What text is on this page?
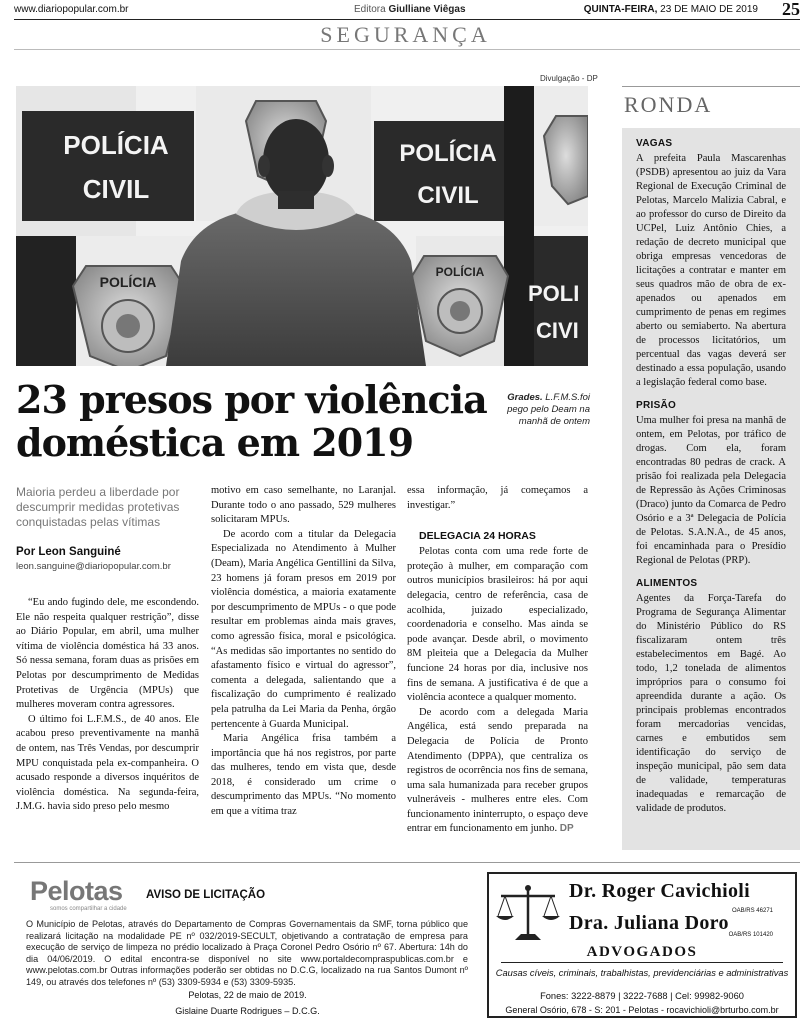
www.diariopopular.com.br	Editora Giulliane Viêgas	QUINTA-FEIRA, 23 DE MAIO DE 2019 25
SEGURANÇA
Divulgação - DP
POLÍCIA
CIVIL
POLÍCIA
CIVIL
POLI
CIVI
POLÍCIA
POLÍCIA
23 presos por violência doméstica em 2019
Grades. L.F.M.S.foi pego pelo Deam na manhã de ontem
Maioria perdeu a liberdade por descumprir medidas protetivas conquistadas pelas vítimas
Por Leon Sanguiné
leon.sanguine@diariopopular.com.br

“Eu ando fugindo dele, me escondendo. Ele não respeita qualquer restrição”, disse ao Diário Popular, em abril, uma mulher vítima de violência doméstica há 33 anos. Só nessa semana, foram duas as prisões em Pelotas por descumprimento de Medidas Protetivas de Urgência (MPUs) que mulheres moveram contra agressores.

O último foi L.F.M.S., de 40 anos. Ele acabou preso preventivamente na manhã de ontem, nas Três Vendas, por descumprir MPU conquistada pela ex-companheira. O acusado responde a diversos inquéritos de violência doméstica. Na segunda-feira, J.M.G. havia sido preso pelo mesmo

motivo em caso semelhante, no Laranjal. Durante todo o ano passado, 529 mulheres solicitaram MPUs.

De acordo com a titular da Delegacia Especializada no Atendimento à Mulher (Deam), Maria Angélica Gentillini da Silva, 23 homens já foram presos em 2019 por violência doméstica, a maioria exatamente por descumprimento de MPUs - o que pode resultar em problemas ainda mais graves, como agressão física, moral e psicológica. “As medidas são importantes no sentido do afastamento físico e virtual do agressor”, comenta a delegada, salientando que a fiscalização do cumprimento é realizado pela patrulha da Lei Maria da Penha, órgão pertencente à Guarda Municipal.

Maria Angélica frisa também a importância que há nos registros, por parte das mulheres, tendo em vista que, desde 2018, é considerado um crime o descumprimento das MPUs. “No momento em que a vítima traz

essa informação, já começamos a investigar.”

DELEGACIA 24 HORAS

Pelotas conta com uma rede forte de proteção à mulher, em comparação com outros municípios brasileiros: há por aqui delegacia, centro de referência, casa de acolhida, juizado especializado, coordenadoria e conselho. Mas ainda se pode avançar. Desde abril, o movimento 8M pleiteia que a Delegacia da Mulher funcione 24 horas por dia, inclusive nos fins de semana. A justificativa é de que a violência acontece a qualquer momento.

De acordo com a delegada Maria Angélica, está sendo preparada na Delegacia de Polícia de Pronto Atendimento (DPPA), que centraliza os registros de ocorrência nos fins de semana, uma sala humanizada para receber grupos vulneráveis - mulheres entre eles. Com funcionamento ininterrupto, o espaço deve entrar em funcionamento em junho. DP

RONDA
VAGAS

A prefeita Paula Mascarenhas (PSDB) apresentou ao juiz da Vara Regional de Execução Criminal de Pelotas, Marcelo Malizia Cabral, e ao professor do curso de Direito da UCPel, Luiz Antônio Chies, a redação de decreto municipal que obriga empresas vencedoras de licitações a contratar e manter em seus quadros mão de obra de ex-apenados ou apenados em cumprimento de penas em regimes aberto ou semiaberto. Na abertura de processos licitatórios, um percentual das vagas deverá ser destinado a essa população, usando a legislação federal como base.

PRISÃO

Uma mulher foi presa na manhã de ontem, em Pelotas, por tráfico de drogas. Com ela, foram encontradas 80 pedras de crack. A prisão foi realizada pela Delegacia de Repressão às Ações Criminosas (Draco) junto da Comarca de Pedro Osório e a 3ª Delegacia de Polícia de Pelotas. S.A.N.A., de 45 anos, foi encaminhada para o Presídio Regional de Pelotas (PRP).

ALIMENTOS

Agentes da Força-Tarefa do Programa de Segurança Alimentar do Ministério Público do RS fiscalizaram ontem três estabelecimentos em Bagé. Ao todo, 1,2 tonelada de alimentos impróprios para o consumo foi apreendida durante a ação. Os principais problemas encontrados foram mercadorias vencidas, carnes e embutidos sem identificação do serviço de inspeção municipal, pão sem data de validade, temperaturas inadequadas e remarcação de validade de produtos.

Pelotas
somos compartilhar a cidade
AVISO DE LICITAÇÃO
O Município de Pelotas, através do Departamento de Compras Governamentais da SMF, torna público que realizará licitação na modalidade PE nº 032/2019-SECULT, objetivando a contratação de empresa para execução de serviço de limpeza no prédio localizado à Praça Coronel Pedro Osório nº 67. Abertura: 14h do dia 04/06/2019. O edital encontra-se disponível no site www.portaldecompraspublicas.com.br e www.pelotas.com.br Outras informações poderão ser obtidas no D.C.G, localizado na rua Santos Dumont nº 149, ou através dos telefones nº (53) 3309-5934 e (53) 3309-5935.
Pelotas, 22 de maio de 2019.
Gislaine Duarte Rodrigues – D.C.G.
Dr. Roger Cavichioli
OAB/RS 46271
Dra. Juliana Doro
OAB/RS 101420
ADVOGADOS
Causas cíveis, criminais, trabalhistas, previdenciárias e administrativas
Fones: 3222-8879 | 3222-7688 | Cel: 99982-9060
General Osório, 678 - S: 201 - Pelotas - rocavichioli@brturbo.com.br
